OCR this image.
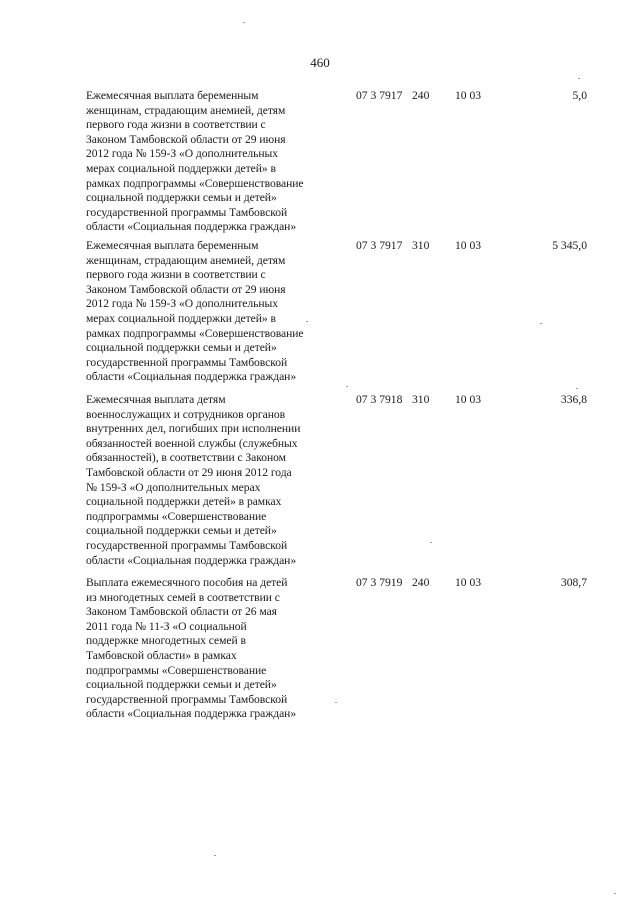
460
Ежемесячная выплата беременным
женщинам, страдающим анемией, детям
первого года жизни в соответствии с
Законом Тамбовской области от 29 июня
2012 года № 159-З «О дополнительных
мерах социальной поддержки детей» в
рамках подпрограммы «Совершенствование
социальной поддержки семьи и детей»
государственной программы Тамбовской
области «Социальная поддержка граждан»
07 3 7917 240 10 03	5,0
Ежемесячная выплата беременным
женщинам, страдающим анемией, детям
первого года жизни в соответствии с
Законом Тамбовской области от 29 июня
2012 года № 159-З «О дополнительных
мерах социальной поддержки детей» в
рамках подпрограммы «Совершенствование
социальной поддержки семьи и детей»
государственной программы Тамбовской
области «Социальная поддержка граждан»
07 3 7917 310 10 03	5 345,0
Ежемесячная выплата детям
военнослужащих и сотрудников органов
внутренних дел, погибших при исполнении
обязанностей военной службы (служебных
обязанностей), в соответствии с Законом
Тамбовской области от 29 июня 2012 года
№ 159-З «О дополнительных мерах
социальной поддержки детей» в рамках
подпрограммы «Совершенствование
социальной поддержки семьи и детей»
государственной программы Тамбовской
области «Социальная поддержка граждан»
07 3 7918 310 10 03	336,8
Выплата ежемесячного пособия на детей
из многодетных семей в соответствии с
Законом Тамбовской области от 26 мая
2011 года № 11-З «О социальной
поддержке многодетных семей в
Тамбовской области» в рамках
подпрограммы «Совершенствование
социальной поддержки семьи и детей»
государственной программы Тамбовской
области «Социальная поддержка граждан»
07 3 7919 240 10 03	308,7
